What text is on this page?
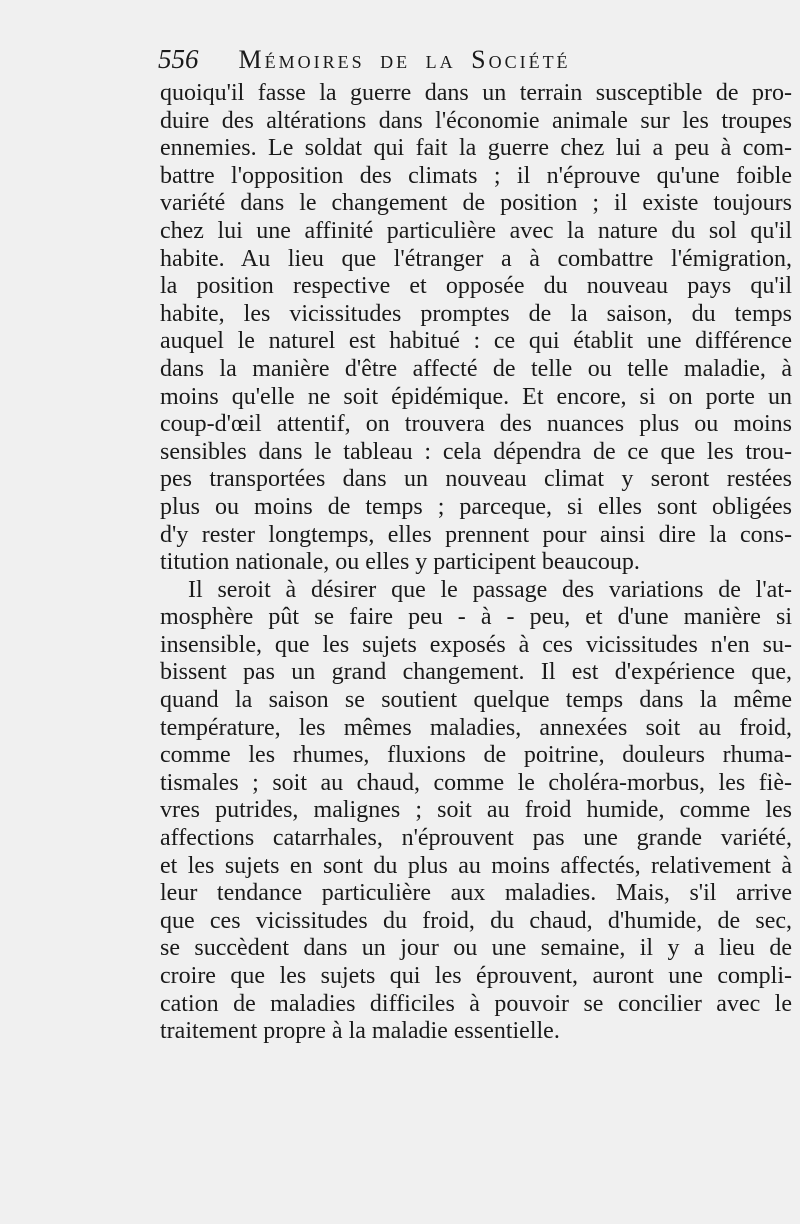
556 Mémoires de la Société
quoiqu'il fasse la guerre dans un terrain susceptible de pro-
duire des altérations dans l'économie animale sur les troupes
ennemies. Le soldat qui fait la guerre chez lui a peu à com-
battre l'opposition des climats ; il n'éprouve qu'une foible
variété dans le changement de position ; il existe toujours
chez lui une affinité particulière avec la nature du sol qu'il
habite. Au lieu que l'étranger a à combattre l'émigration,
la position respective et opposée du nouveau pays qu'il
habite, les vicissitudes promptes de la saison, du temps
auquel le naturel est habitué : ce qui établit une différence
dans la manière d'être affecté de telle ou telle maladie, à
moins qu'elle ne soit épidémique. Et encore, si on porte un
coup-d'œil attentif, on trouvera des nuances plus ou moins
sensibles dans le tableau : cela dépendra de ce que les trou-
pes transportées dans un nouveau climat y seront restées
plus ou moins de temps ; parceque, si elles sont obligées
d'y rester longtemps, elles prennent pour ainsi dire la cons-
titution nationale, ou elles y participent beaucoup.
Il seroit à désirer que le passage des variations de l'at-
mosphère pût se faire peu - à - peu, et d'une manière si
insensible, que les sujets exposés à ces vicissitudes n'en su-
bissent pas un grand changement. Il est d'expérience que,
quand la saison se soutient quelque temps dans la même
température, les mêmes maladies, annexées soit au froid,
comme les rhumes, fluxions de poitrine, douleurs rhuma-
tismales ; soit au chaud, comme le choléra-morbus, les fiè-
vres putrides, malignes ; soit au froid humide, comme les
affections catarrhales, n'éprouvent pas une grande variété,
et les sujets en sont du plus au moins affectés, relativement à
leur tendance particulière aux maladies. Mais, s'il arrive
que ces vicissitudes du froid, du chaud, d'humide, de sec,
se succèdent dans un jour ou une semaine, il y a lieu de
croire que les sujets qui les éprouvent, auront une compli-
cation de maladies difficiles à pouvoir se concilier avec le
traitement propre à la maladie essentielle.
